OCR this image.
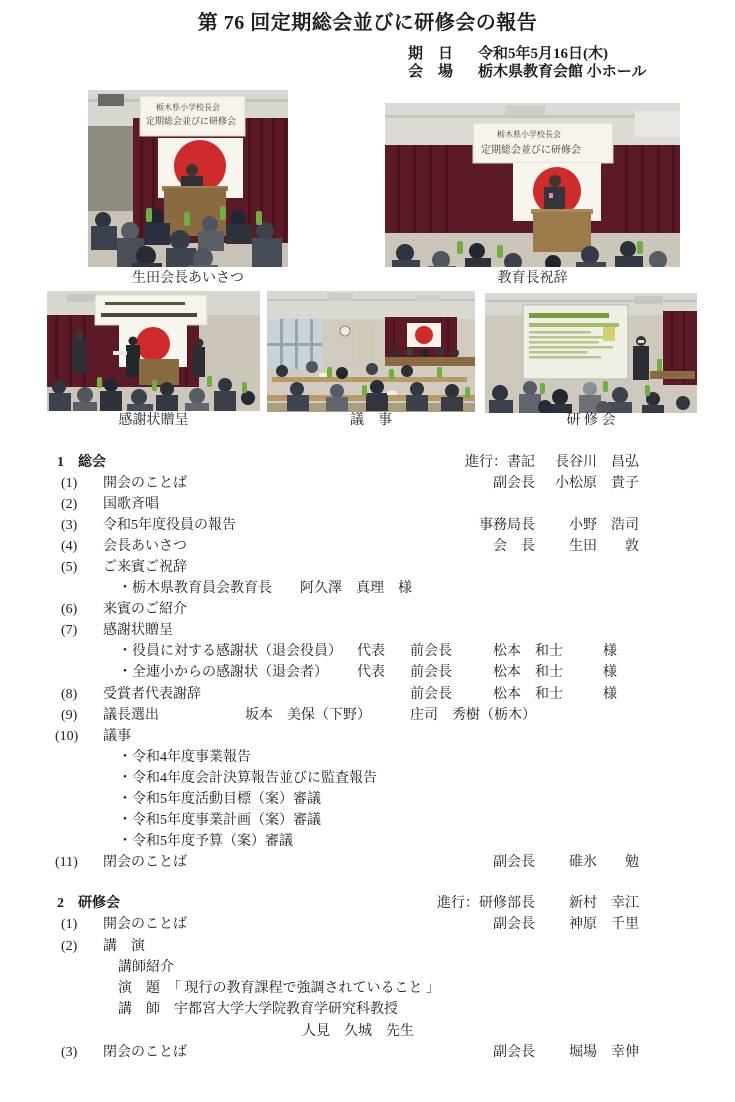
第 76 回定期総会並びに研修会の報告
期　日	令和5年5月16日(木)
会　場	栃木県教育会館 小ホール
栃木県小学校長会
定期総会並びに研修会
生田会長あいさつ
栃木県小学校長会
定期総会並びに研修会
教育長祝辞
感謝状贈呈	議　事	研 修 会
1 総会	進行：書記 長谷川　昌弘
(1) 開会のことば	副会長 小松原　貴子
(2) 国歌斉唱
(3) 令和5年度役員の報告	事務局長 　小野　浩司
(4) 会長あいさつ	会　長 　生田　　敦
(5) ご来賓ご祝辞
・栃木県教育員会教育長　　阿久澤　真理　様
(6) 来賓のご紹介
(7) 感謝状贈呈
・役員に対する感謝状（退会役員） 代表 前会長	松本　和士	様
・全連小からの感謝状（退会者） 代表 前会長	松本　和士	様
(8) 受賞者代表謝辞	前会長	松本　和士	様
(9) 議長選出	坂本　美保（下野）	庄司　秀樹（栃木）
(10) 議事
・令和4年度事業報告
・令和4年度会計決算報告並びに監査報告
・令和5年度活動目標（案）審議
・令和5年度事業計画（案）審議
・令和5年度予算（案）審議
(11) 閉会のことば	副会長 　碓氷　　勉
2 研修会	進行：研修部長 　新村　幸江
(1) 開会のことば	副会長 　神原　千里
(2) 講　演
講師紹介
演　題　「 現行の教育課程で強調されていること 」
講　師　宇都宮大学大学院教育学研究科教授
人見　久城　先生
(3) 閉会のことば	副会長 　堀場　幸伸
